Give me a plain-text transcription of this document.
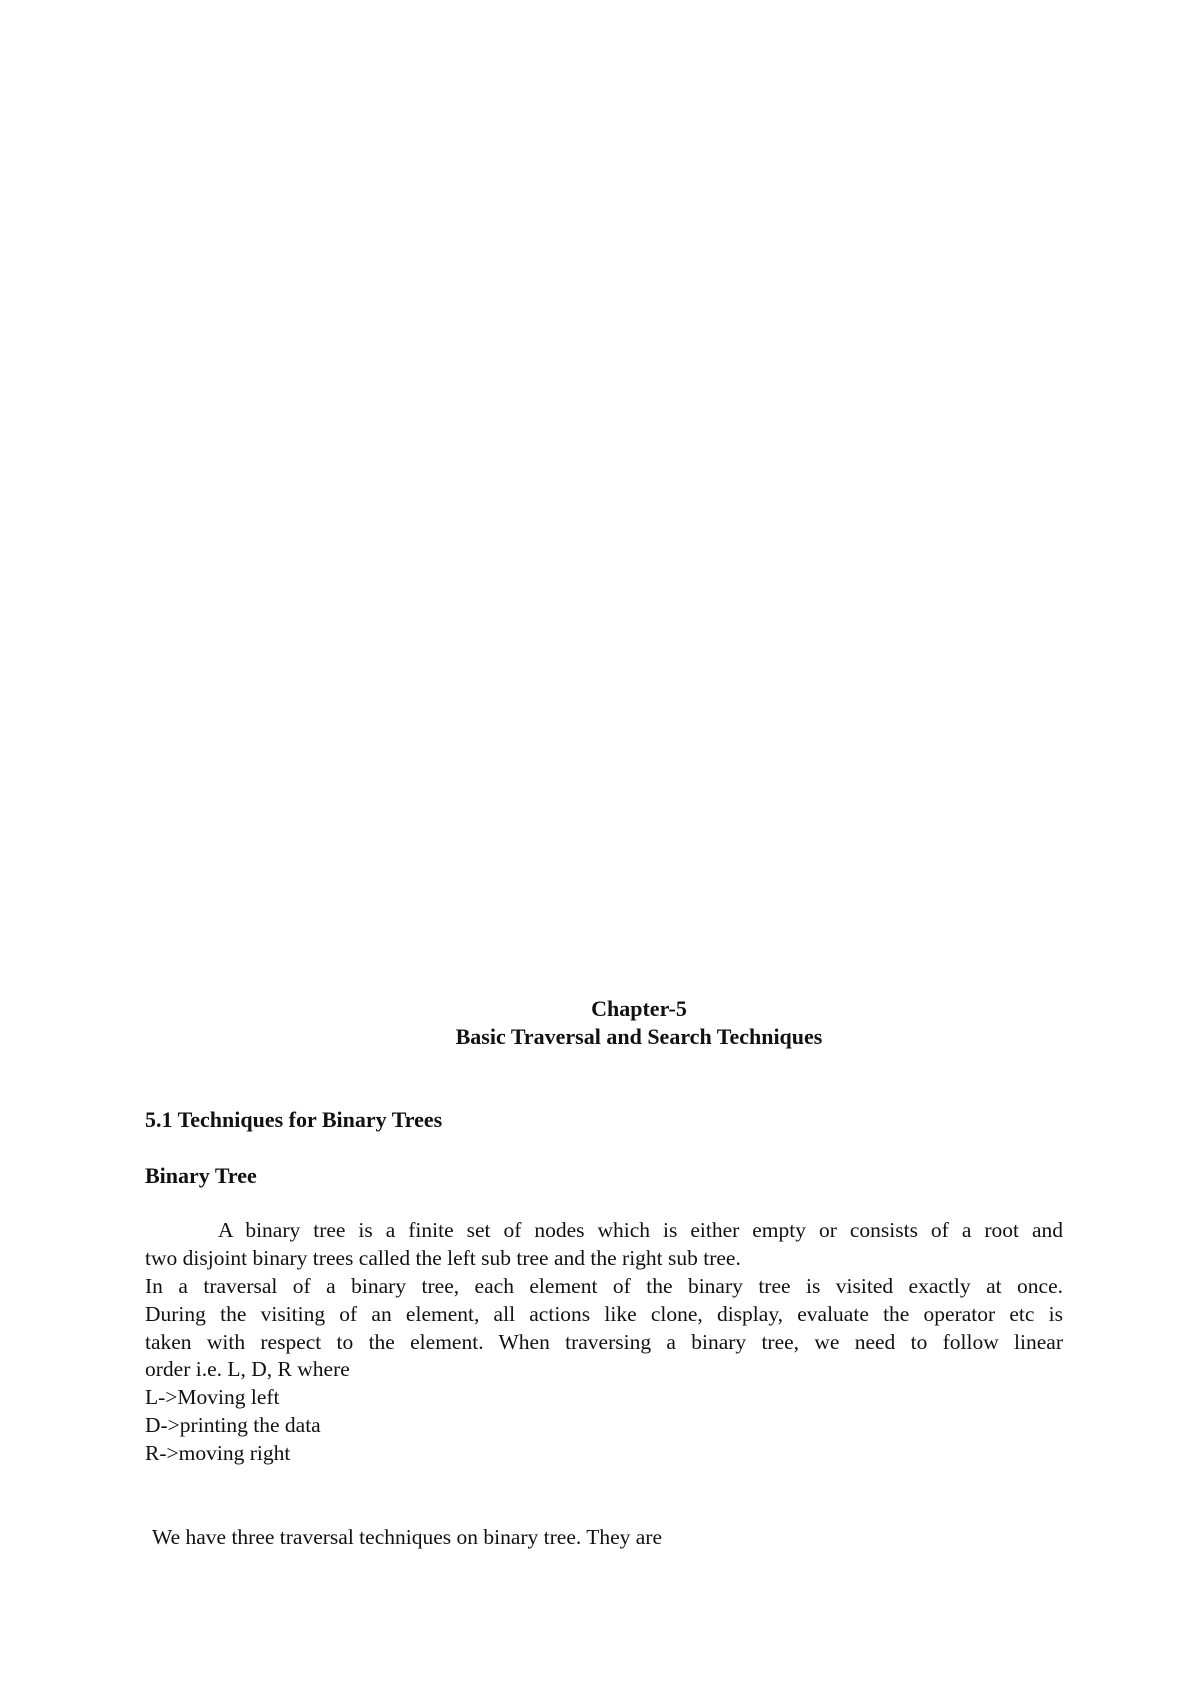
Chapter-5
Basic Traversal and Search Techniques
5.1 Techniques for Binary Trees
Binary Tree
A binary tree is a finite set of nodes which is either empty or consists of a root and
two disjoint binary trees called the left sub tree and the right sub tree.
In a traversal of a binary tree, each element of the binary tree is visited exactly at once.
During the visiting of an element, all actions like clone, display, evaluate the operator etc is
taken with respect to the element. When traversing a binary tree, we need to follow linear
order i.e. L, D, R where
L->Moving left
D->printing the data
R->moving right
We have three traversal techniques on binary tree. They are
